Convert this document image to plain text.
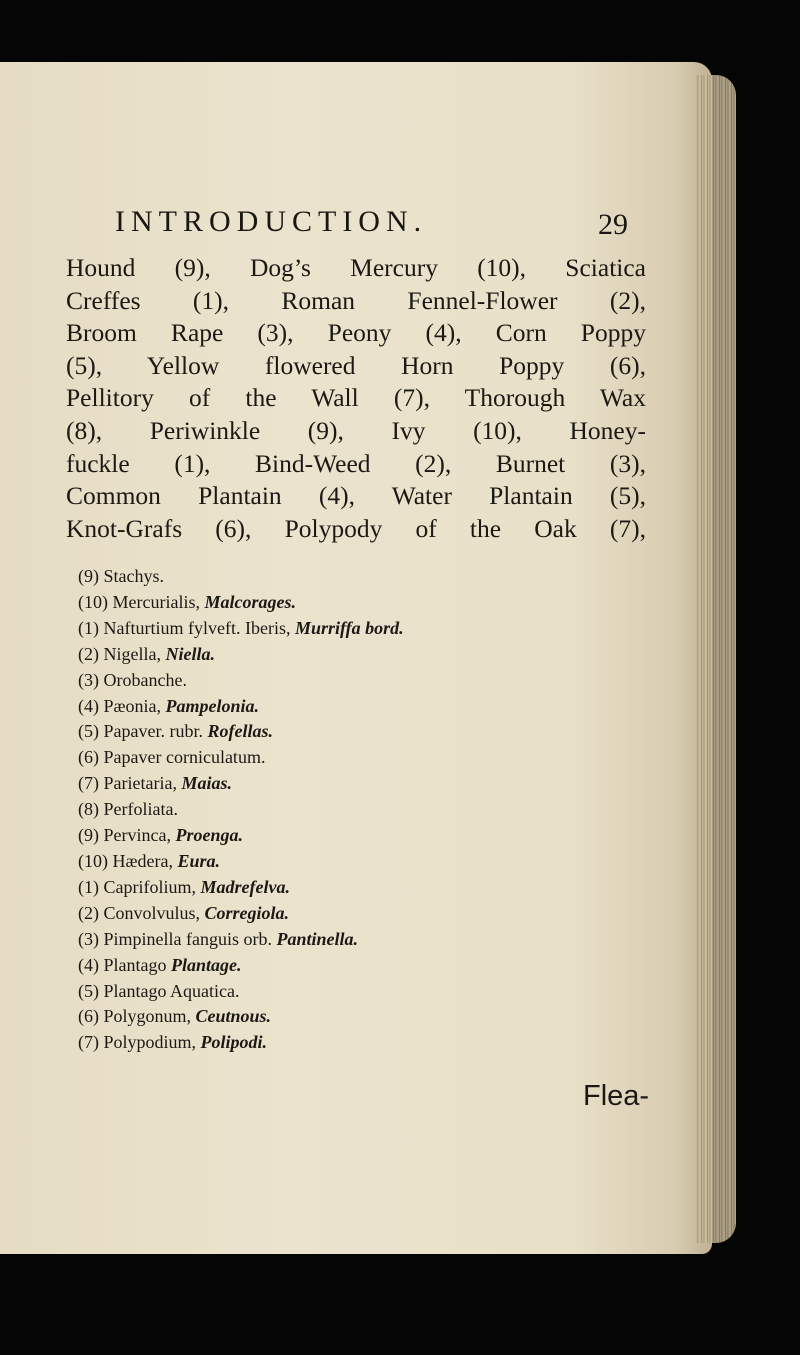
INTRODUCTION.	29

Hound (9), Dog’s Mercury (10), Sciatica
Creffes (1), Roman Fennel-Flower (2),
Broom Rape (3), Peony (4), Corn Poppy
(5), Yellow flowered Horn Poppy (6),
Pellitory of the Wall (7), Thorough Wax
(8), Periwinkle (9), Ivy (10), Honey-
fuckle (1), Bind-Weed (2), Burnet (3),
Common Plantain (4), Water Plantain (5),
Knot-Grafs (6), Polypody of the Oak (7),

(9) Stachys.
(10) Mercurialis, Malcorages.
(1) Nafturtium fylveft. Iberis, Murriffa bord.
(2) Nigella, Niella.
(3) Orobanche.
(4) Pæonia, Pampelonia.
(5) Papaver. rubr. Rofellas.
(6) Papaver corniculatum.
(7) Parietaria, Maias.
(8) Perfoliata.
(9) Pervinca, Proenga.
(10) Hædera, Eura.
(1) Caprifolium, Madrefelva.
(2) Convolvulus, Corregiola.
(3) Pimpinella fanguis orb. Pantinella.
(4) Plantago Plantage.
(5) Plantago Aquatica.
(6) Polygonum, Ceutnous.
(7) Polypodium, Polipodi.

Flea-
